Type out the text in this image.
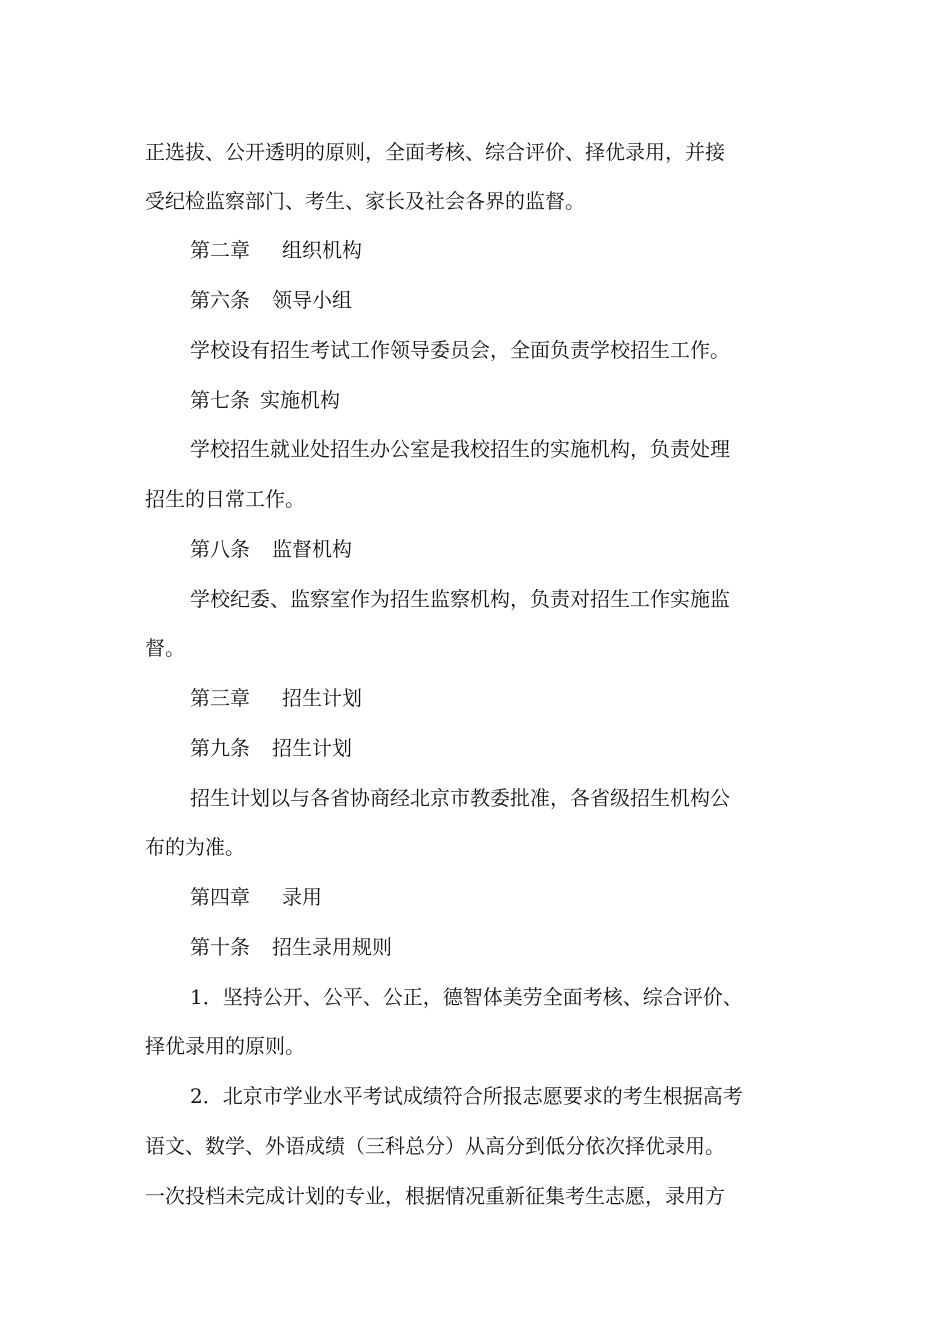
正选拔、公开透明的原则，全面考核、综合评价、择优录用，并接
受纪检监察部门、考生、家长及社会各界的监督。
第二章 组织机构
第六条 领导小组
学校设有招生考试工作领导委员会，全面负责学校招生工作。
第七条 实施机构
学校招生就业处招生办公室是我校招生的实施机构，负责处理
招生的日常工作。
第八条 监督机构
学校纪委、监察室作为招生监察机构，负责对招生工作实施监
督。
第三章 招生计划
第九条 招生计划
招生计划以与各省协商经北京市教委批准，各省级招生机构公
布的为准。
第四章 录用
第十条 招生录用规则
1．坚持公开、公平、公正，德智体美劳全面考核、综合评价、
择优录用的原则。
2．北京市学业水平考试成绩符合所报志愿要求的考生根据高考
语文、数学、外语成绩（三科总分）从高分到低分依次择优录用。
一次投档未完成计划的专业，根据情况重新征集考生志愿，录用方
